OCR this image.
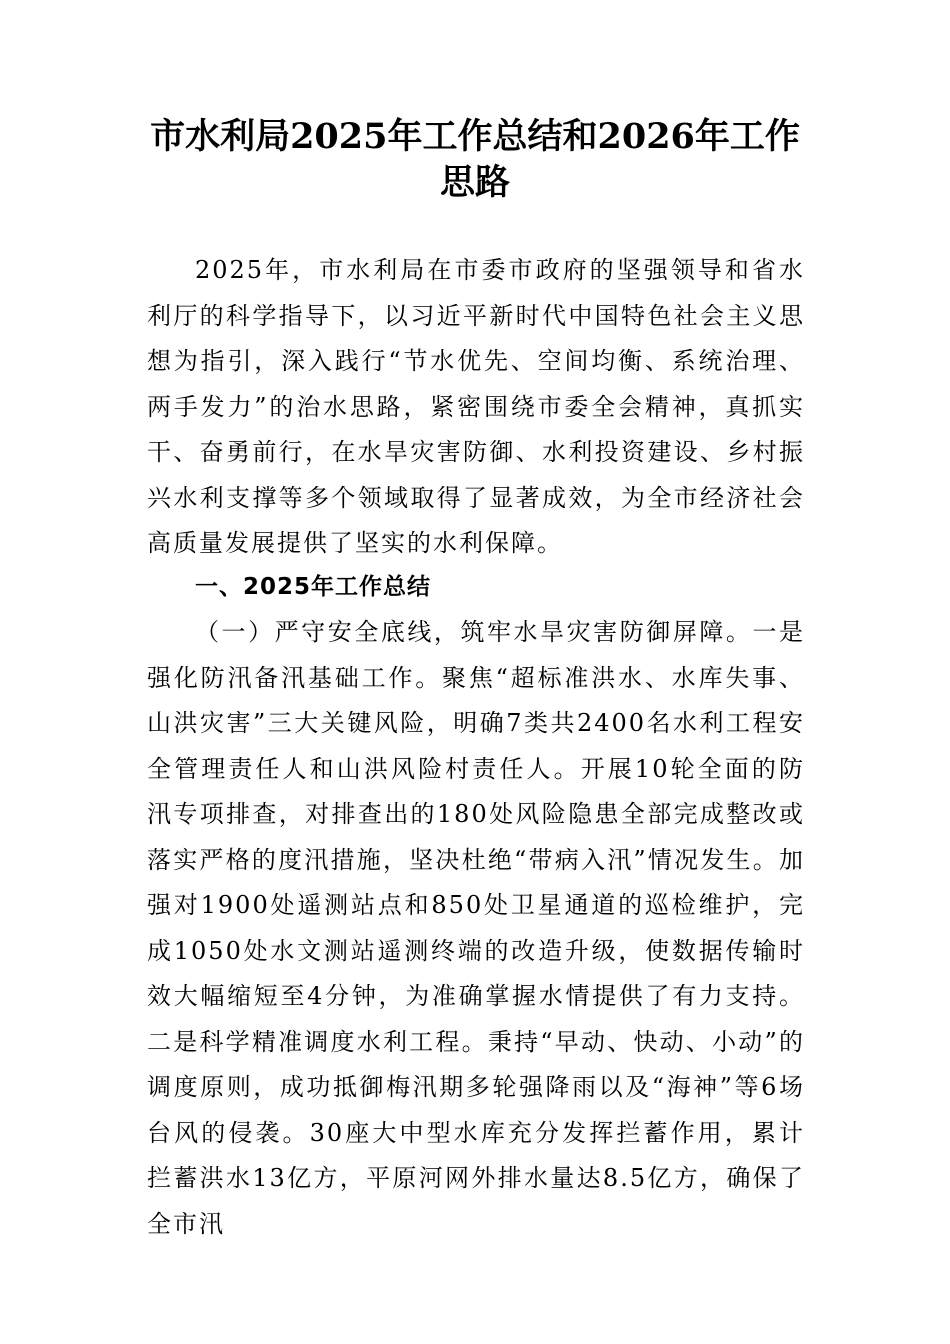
市水利局2025年工作总结和2026年工作思路

2025年，市水利局在市委市政府的坚强领导和省水利厅的科学指导下，以习近平新时代中国特色社会主义思想为指引，深入践行“节水优先、空间均衡、系统治理、两手发力”的治水思路，紧密围绕市委全会精神，真抓实干、奋勇前行，在水旱灾害防御、水利投资建设、乡村振兴水利支撑等多个领域取得了显著成效，为全市经济社会高质量发展提供了坚实的水利保障。

一、2025年工作总结

（一）严守安全底线，筑牢水旱灾害防御屏障。一是强化防汛备汛基础工作。聚焦“超标准洪水、水库失事、山洪灾害”三大关键风险，明确7类共2400名水利工程安全管理责任人和山洪风险村责任人。开展10轮全面的防汛专项排查，对排查出的180处风险隐患全部完成整改或落实严格的度汛措施，坚决杜绝“带病入汛”情况发生。加强对1900处遥测站点和850处卫星通道的巡检维护，完成1050处水文测站遥测终端的改造升级，使数据传输时效大幅缩短至4分钟，为准确掌握水情提供了有力支持。二是科学精准调度水利工程。秉持“早动、快动、小动”的调度原则，成功抵御梅汛期多轮强降雨以及“海神”等6场台风的侵袭。30座大中型水库充分发挥拦蓄作用，累计拦蓄洪水13亿方，平原河网外排水量达8.5亿方，确保了全市汛
